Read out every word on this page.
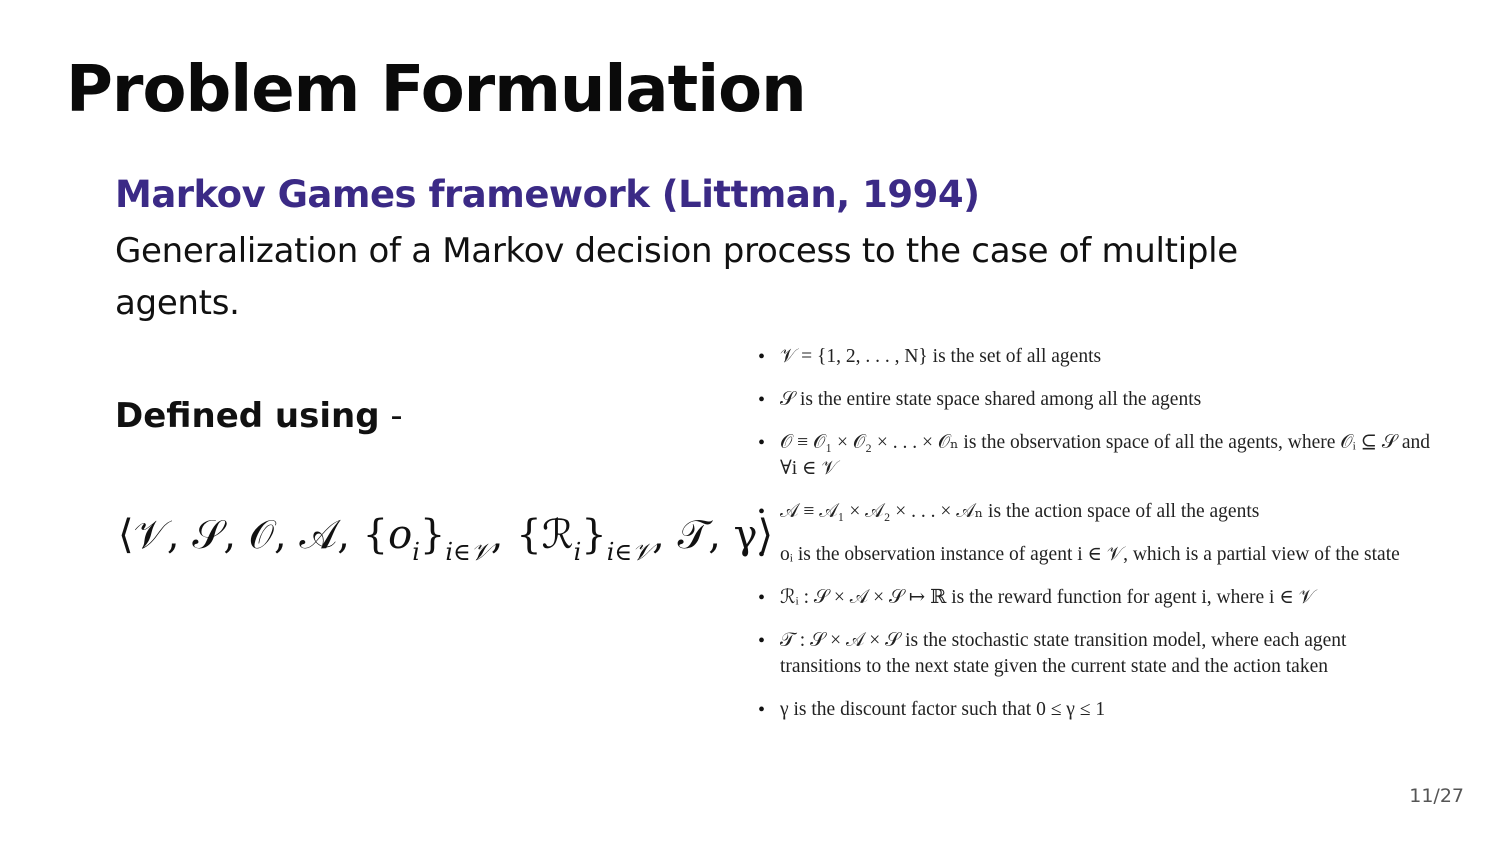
Problem Formulation
Markov Games framework (Littman, 1994)

Generalization of a Markov decision process to the case of multiple agents.

Defined using -

⟨𝒱, 𝒮, 𝒪, 𝒜, $\{o_i\}_{i\in 𝒱}$, $\{ℛ_i\}_{i\in 𝒱}$, 𝒯, γ⟩
• 𝒱 = {1, 2, . . . , N} is the set of all agents
• 𝒮 is the entire state space shared among all the agents
• 𝒪 ≡ 𝒪₁ × 𝒪₂ × . . . × 𝒪ₙ is the observation space of all the agents, where 𝒪ᵢ ⊆ 𝒮 and ∀i ∈ 𝒱
• 𝒜 ≡ 𝒜₁ × 𝒜₂ × . . . × 𝒜ₙ is the action space of all the agents
• oᵢ is the observation instance of agent i ∈ 𝒱, which is a partial view of the state
• ℛᵢ : 𝒮 × 𝒜 × 𝒮 ↦ ℝ is the reward function for agent i, where i ∈ 𝒱
• 𝒯 : 𝒮 × 𝒜 × 𝒮 is the stochastic state transition model, where each agent transitions to the next state given the current state and the action taken
• γ is the discount factor such that 0 ≤ γ ≤ 1
11/27
